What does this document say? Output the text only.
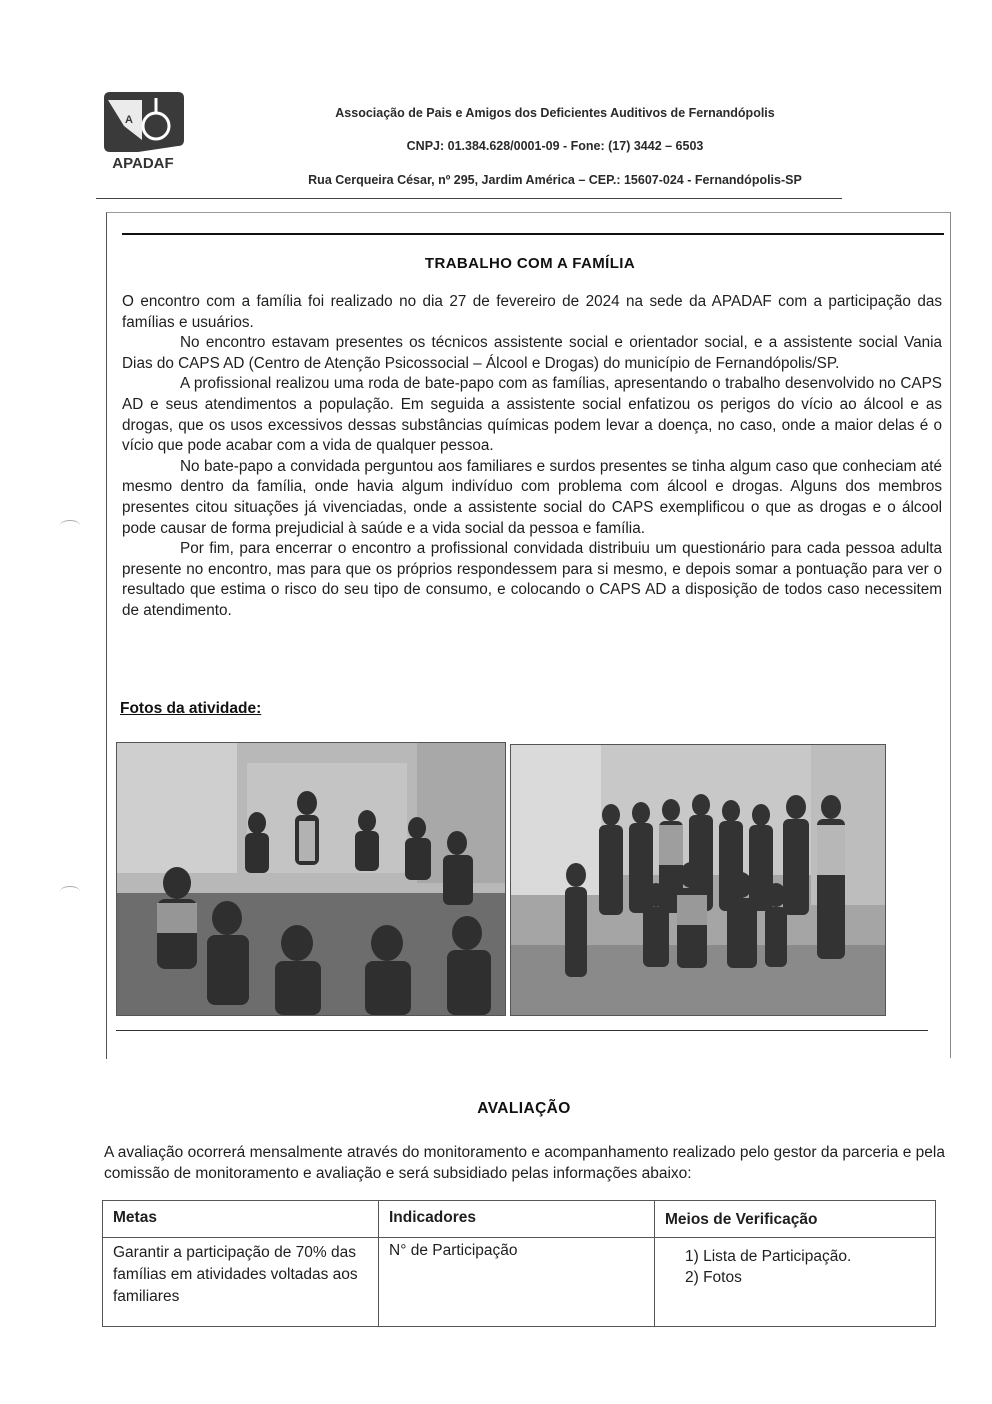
A
APADAF
Associação de Pais e Amigos dos Deficientes Auditivos de Fernandópolis
CNPJ: 01.384.628/0001-09 - Fone: (17) 3442 – 6503
Rua Cerqueira César, nº 295, Jardim América – CEP.: 15607-024 - Fernandópolis-SP
TRABALHO COM A FAMÍLIA

O encontro com a família foi realizado no dia 27 de fevereiro de 2024 na sede da APADAF com a participação das famílias e usuários.

No encontro estavam presentes os técnicos assistente social e orientador social, e a assistente social Vania Dias do CAPS AD (Centro de Atenção Psicossocial – Álcool e Drogas) do município de Fernandópolis/SP.

A profissional realizou uma roda de bate-papo com as famílias, apresentando o trabalho desenvolvido no CAPS AD e seus atendimentos a população. Em seguida a assistente social enfatizou os perigos do vício ao álcool e as drogas, que os usos excessivos dessas substâncias químicas podem levar a doença, no caso, onde a maior delas é o vício que pode acabar com a vida de qualquer pessoa.

No bate-papo a convidada perguntou aos familiares e surdos presentes se tinha algum caso que conheciam até mesmo dentro da família, onde havia algum indivíduo com problema com álcool e drogas. Alguns dos membros presentes citou situações já vivenciadas, onde a assistente social do CAPS exemplificou o que as drogas e o álcool pode causar de forma prejudicial à saúde e a vida social da pessoa e família.

Por fim, para encerrar o encontro a profissional convidada distribuiu um questionário para cada pessoa adulta presente no encontro, mas para que os próprios respondessem para si mesmo, e depois somar a pontuação para ver o resultado que estima o risco do seu tipo de consumo, e colocando o CAPS AD a disposição de todos caso necessitem de atendimento.

Fotos da atividade:
AVALIAÇÃO

A avaliação ocorrerá mensalmente através do monitoramento e acompanhamento realizado pelo gestor da parceria e pela comissão de monitoramento e avaliação e será subsidiado pelas informações abaixo:

Metas	Indicadores	Meios de Verificação
Garantir a participação de 70% das famílias em atividades voltadas aos familiares	N° de Participação	1) Lista de Participação.
2) Fotos
